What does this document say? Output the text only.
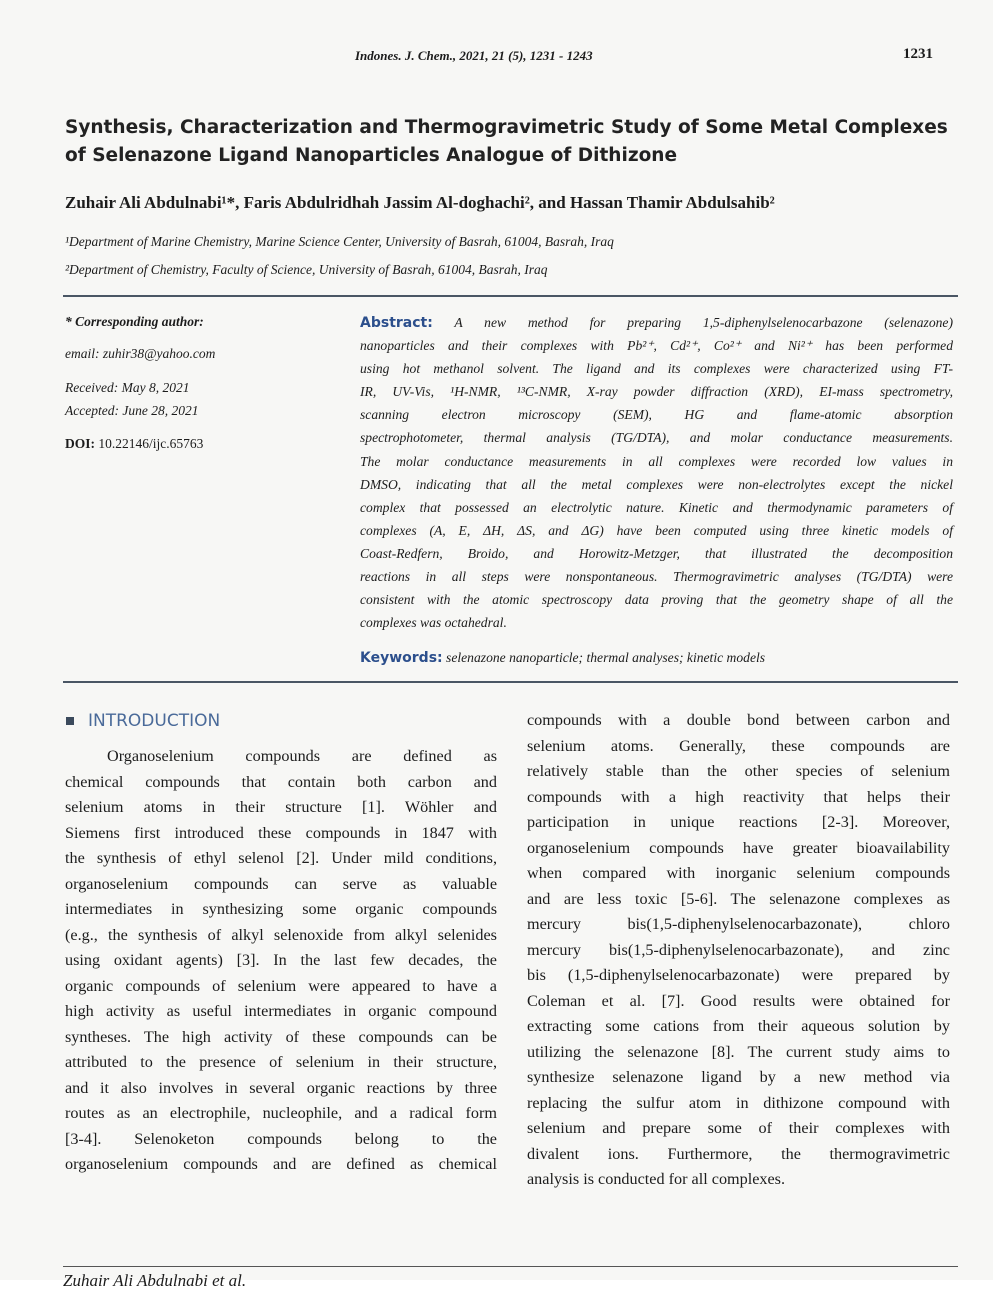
Indones. J. Chem., 2021, 21 (5), 1231 - 1243	1231
Synthesis, Characterization and Thermogravimetric Study of Some Metal Complexes
of Selenazone Ligand Nanoparticles Analogue of Dithizone
Zuhair Ali Abdulnabi¹*, Faris Abdulridhah Jassim Al-doghachi², and Hassan Thamir Abdulsahib²
¹Department of Marine Chemistry, Marine Science Center, University of Basrah, 61004, Basrah, Iraq
²Department of Chemistry, Faculty of Science, University of Basrah, 61004, Basrah, Iraq
* Corresponding author:
email: zuhir38@yahoo.com
Received: May 8, 2021
Accepted: June 28, 2021
DOI: 10.22146/ijc.65763
Abstract: A new method for preparing 1,5-diphenylselenocarbazone (selenazone)
nanoparticles and their complexes with Pb²⁺, Cd²⁺, Co²⁺ and Ni²⁺ has been performed
using hot methanol solvent. The ligand and its complexes were characterized using FT-
IR, UV-Vis, ¹H-NMR, ¹³C-NMR, X-ray powder diffraction (XRD), EI-mass spectrometry,
scanning electron microscopy (SEM), HG and flame-atomic absorption
spectrophotometer, thermal analysis (TG/DTA), and molar conductance measurements.
The molar conductance measurements in all complexes were recorded low values in
DMSO, indicating that all the metal complexes were non-electrolytes except the nickel
complex that possessed an electrolytic nature. Kinetic and thermodynamic parameters of
complexes (A, E, ΔH, ΔS, and ΔG) have been computed using three kinetic models of
Coast-Redfern, Broido, and Horowitz-Metzger, that illustrated the decomposition
reactions in all steps were nonspontaneous. Thermogravimetric analyses (TG/DTA) were
consistent with the atomic spectroscopy data proving that the geometry shape of all the
complexes was octahedral.
Keywords: selenazone nanoparticle; thermal analyses; kinetic models
INTRODUCTION
Organoselenium compounds are defined as
chemical compounds that contain both carbon and
selenium atoms in their structure [1]. Wöhler and
Siemens first introduced these compounds in 1847 with
the synthesis of ethyl selenol [2]. Under mild conditions,
organoselenium compounds can serve as valuable
intermediates in synthesizing some organic compounds
(e.g., the synthesis of alkyl selenoxide from alkyl selenides
using oxidant agents) [3]. In the last few decades, the
organic compounds of selenium were appeared to have a
high activity as useful intermediates in organic compound
syntheses. The high activity of these compounds can be
attributed to the presence of selenium in their structure,
and it also involves in several organic reactions by three
routes as an electrophile, nucleophile, and a radical form
[3-4]. Selenoketon compounds belong to the
organoselenium compounds and are defined as chemical
compounds with a double bond between carbon and
selenium atoms. Generally, these compounds are
relatively stable than the other species of selenium
compounds with a high reactivity that helps their
participation in unique reactions [2-3]. Moreover,
organoselenium compounds have greater bioavailability
when compared with inorganic selenium compounds
and are less toxic [5-6]. The selenazone complexes as
mercury bis(1,5-diphenylselenocarbazonate), chloro
mercury bis(1,5-diphenylselenocarbazonate), and zinc
bis (1,5-diphenylselenocarbazonate) were prepared by
Coleman et al. [7]. Good results were obtained for
extracting some cations from their aqueous solution by
utilizing the selenazone [8]. The current study aims to
synthesize selenazone ligand by a new method via
replacing the sulfur atom in dithizone compound with
selenium and prepare some of their complexes with
divalent ions. Furthermore, the thermogravimetric
analysis is conducted for all complexes.
Zuhair Ali Abdulnabi et al.
